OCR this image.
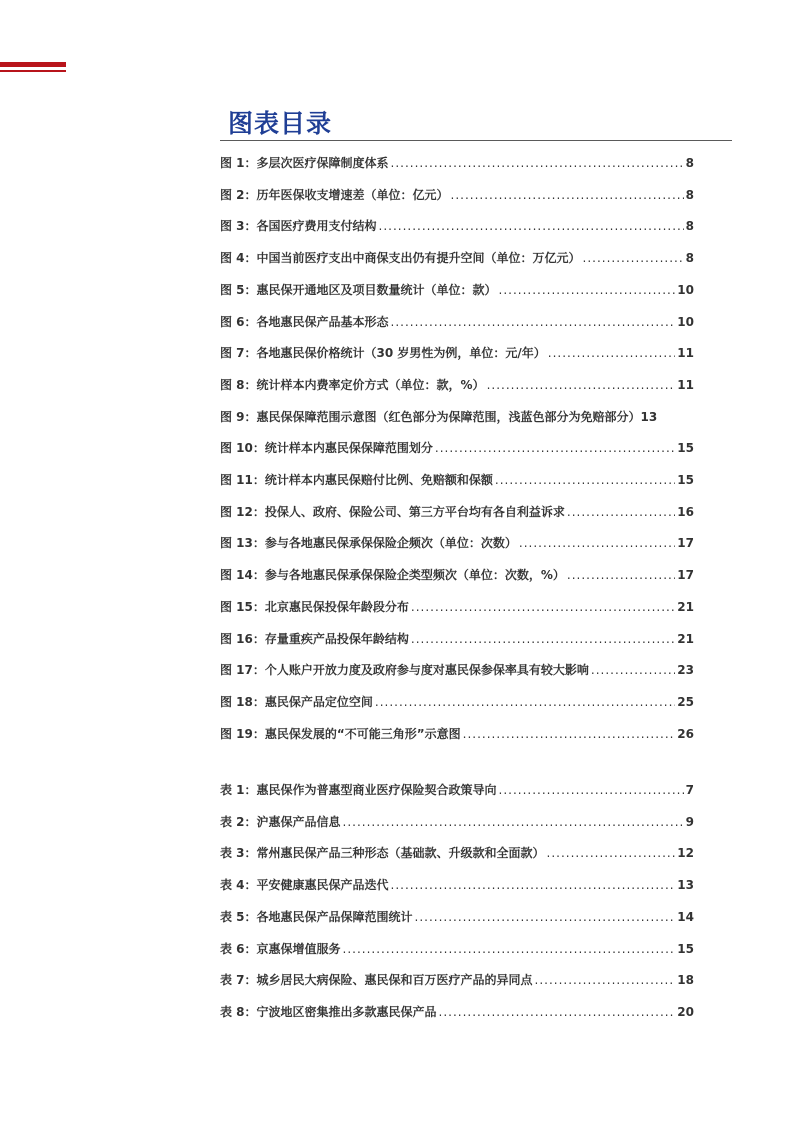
图表目录
图 1：多层次医疗保障制度体系 .....	8
图 2：历年医保收支增速差（单位：亿元） .....	8
图 3：各国医疗费用支付结构 .....	8
图 4：中国当前医疗支出中商保支出仍有提升空间（单位：万亿元） .....	8
图 5：惠民保开通地区及项目数量统计（单位：款） .....	10
图 6：各地惠民保产品基本形态 .....	10
图 7：各地惠民保价格统计（30 岁男性为例，单位：元/年） .....	11
图 8：统计样本内费率定价方式（单位：款，%） .....	11
图 9：惠民保保障范围示意图（红色部分为保障范围，浅蓝色部分为免赔部分） 13
图 10：统计样本内惠民保保障范围划分 .....	15
图 11：统计样本内惠民保赔付比例、免赔额和保额 .....	15
图 12：投保人、政府、保险公司、第三方平台均有各自利益诉求 .....	16
图 13：参与各地惠民保承保保险企频次（单位：次数） .....	17
图 14：参与各地惠民保承保保险企类型频次（单位：次数，%） .....	17
图 15：北京惠民保投保年龄段分布 .....	21
图 16：存量重疾产品投保年龄结构 .....	21
图 17：个人账户开放力度及政府参与度对惠民保参保率具有较大影响 .....	23
图 18：惠民保产品定位空间 .....	25
图 19：惠民保发展的“不可能三角形”示意图 .....	26
表 1：惠民保作为普惠型商业医疗保险契合政策导向 .....	7
表 2：沪惠保产品信息 .....	9
表 3：常州惠民保产品三种形态（基础款、升级款和全面款） .....	12
表 4：平安健康惠民保产品迭代 .....	13
表 5：各地惠民保产品保障范围统计 .....	14
表 6：京惠保增值服务 .....	15
表 7：城乡居民大病保险、惠民保和百万医疗产品的异同点 .....	18
表 8：宁波地区密集推出多款惠民保产品 .....	20
